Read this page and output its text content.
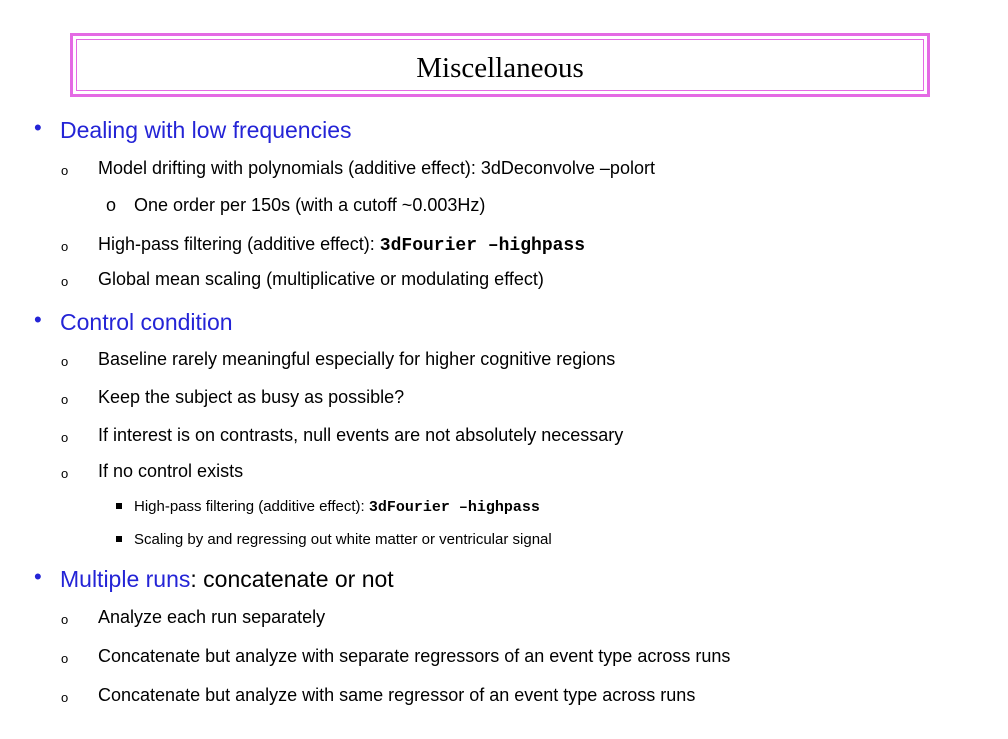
Miscellaneous
• Dealing with low frequencies
o Model drifting with polynomials (additive effect): 3dDeconvolve –polort
o One order per 150s (with a cutoff ~0.003Hz)
o High-pass filtering (additive effect): 3dFourier –highpass
o Global mean scaling (multiplicative or modulating effect)
• Control condition
o Baseline rarely meaningful especially for higher cognitive regions
o Keep the subject as busy as possible?
o If interest is on contrasts, null events are not absolutely necessary
o If no control exists
High-pass filtering (additive effect): 3dFourier –highpass
Scaling by and regressing out white matter or ventricular signal
• Multiple runs: concatenate or not
o Analyze each run separately
o Concatenate but analyze with separate regressors of an event type across runs
o Concatenate but analyze with same regressor of an event type across runs
